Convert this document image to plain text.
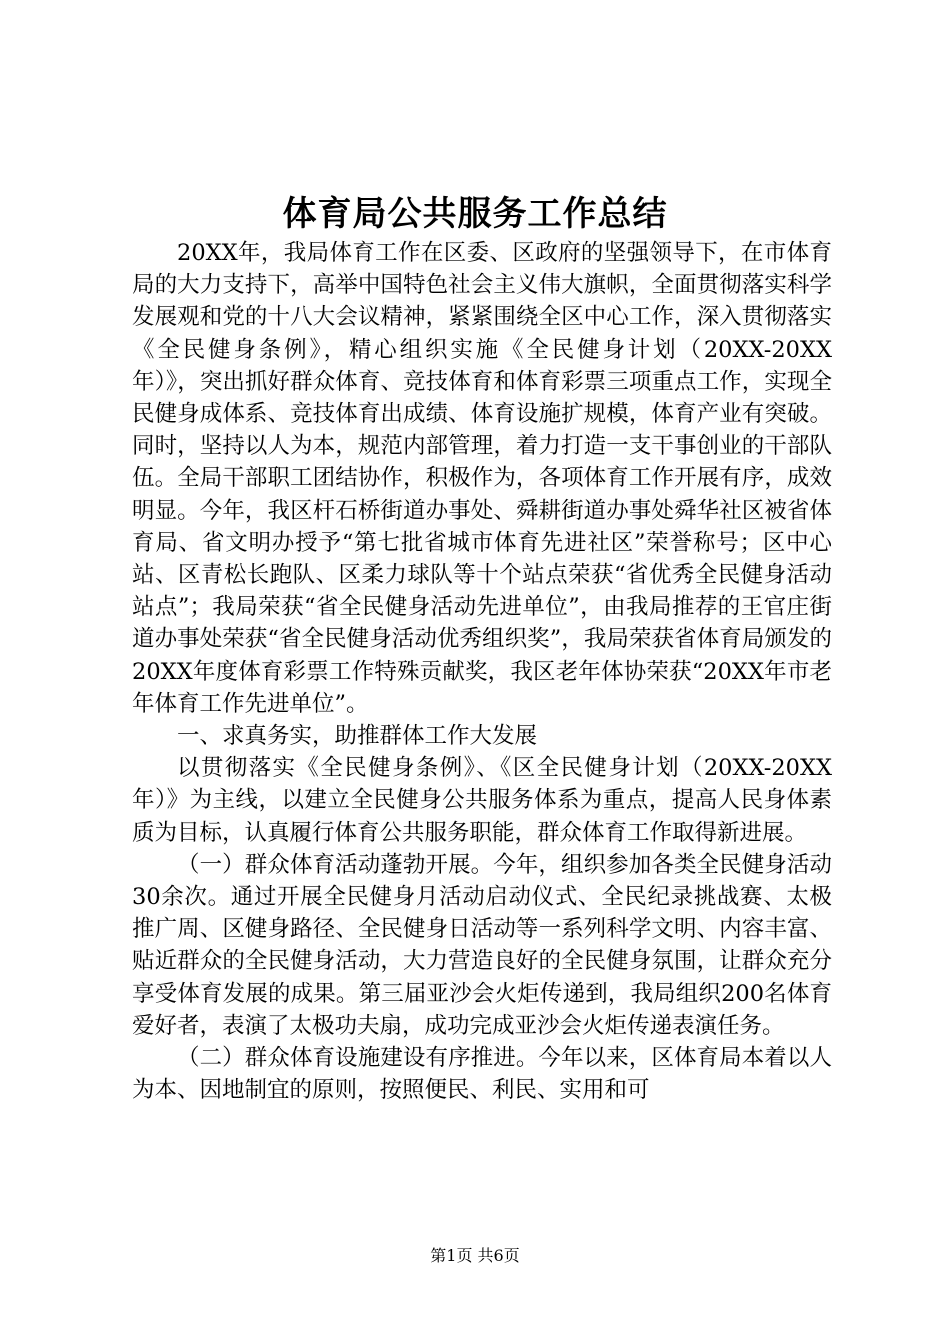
体育局公共服务工作总结

20XX年，我局体育工作在区委、区政府的坚强领导下，在市体育局的大力支持下，高举中国特色社会主义伟大旗帜，全面贯彻落实科学发展观和党的十八大会议精神，紧紧围绕全区中心工作，深入贯彻落实《全民健身条例》，精心组织实施《全民健身计划（20XX-20XX年）》，突出抓好群众体育、竞技体育和体育彩票三项重点工作，实现全民健身成体系、竞技体育出成绩、体育设施扩规模，体育产业有突破。同时，坚持以人为本，规范内部管理，着力打造一支干事创业的干部队伍。全局干部职工团结协作，积极作为，各项体育工作开展有序，成效明显。今年，我区杆石桥街道办事处、舜耕街道办事处舜华社区被省体育局、省文明办授予“第七批省城市体育先进社区”荣誉称号；区中心站、区青松长跑队、区柔力球队等十个站点荣获“省优秀全民健身活动站点”；我局荣获“省全民健身活动先进单位”，由我局推荐的王官庄街道办事处荣获“省全民健身活动优秀组织奖”，我局荣获省体育局颁发的20XX年度体育彩票工作特殊贡献奖，我区老年体协荣获“20XX年市老年体育工作先进单位”。

一、求真务实，助推群体工作大发展

以贯彻落实《全民健身条例》、《区全民健身计划（20XX-20XX年）》为主线，以建立全民健身公共服务体系为重点，提高人民身体素质为目标，认真履行体育公共服务职能，群众体育工作取得新进展。

（一）群众体育活动蓬勃开展。今年，组织参加各类全民健身活动30余次。通过开展全民健身月活动启动仪式、全民纪录挑战赛、太极推广周、区健身路径、全民健身日活动等一系列科学文明、内容丰富、贴近群众的全民健身活动，大力营造良好的全民健身氛围，让群众充分享受体育发展的成果。第三届亚沙会火炬传递到，我局组织200名体育爱好者，表演了太极功夫扇，成功完成亚沙会火炬传递表演任务。

（二）群众体育设施建设有序推进。今年以来，区体育局本着以人为本、因地制宜的原则，按照便民、利民、实用和可

第1页 共6页
